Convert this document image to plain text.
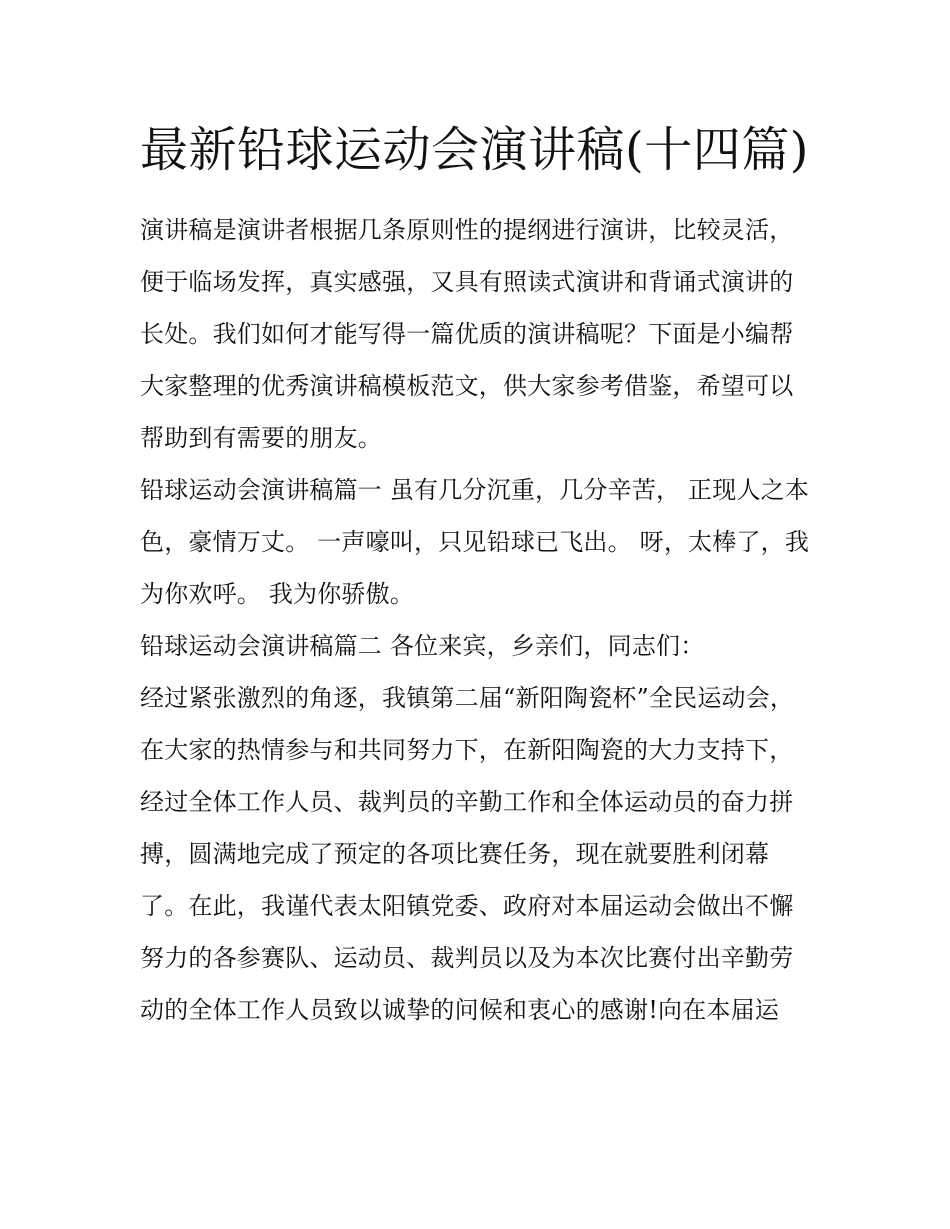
最新铅球运动会演讲稿(十四篇)

演讲稿是演讲者根据几条原则性的提纲进行演讲，比较灵活，便于临场发挥，真实感强，又具有照读式演讲和背诵式演讲的长处。我们如何才能写得一篇优质的演讲稿呢？下面是小编帮大家整理的优秀演讲稿模板范文，供大家参考借鉴，希望可以帮助到有需要的朋友。

铅球运动会演讲稿篇一 虽有几分沉重，几分辛苦， 正现人之本色，豪情万丈。 一声嚎叫，只见铅球已飞出。 呀，太棒了，我为你欢呼。 我为你骄傲。

铅球运动会演讲稿篇二 各位来宾，乡亲们，同志们：

经过紧张激烈的角逐，我镇第二届“新阳陶瓷杯”全民运动会，在大家的热情参与和共同努力下，在新阳陶瓷的大力支持下，经过全体工作人员、裁判员的辛勤工作和全体运动员的奋力拼搏，圆满地完成了预定的各项比赛任务，现在就要胜利闭幕了。在此，我谨代表太阳镇党委、政府对本届运动会做出不懈努力的各参赛队、运动员、裁判员以及为本次比赛付出辛勤劳动的全体工作人员致以诚挚的问候和衷心的感谢!向在本届运
